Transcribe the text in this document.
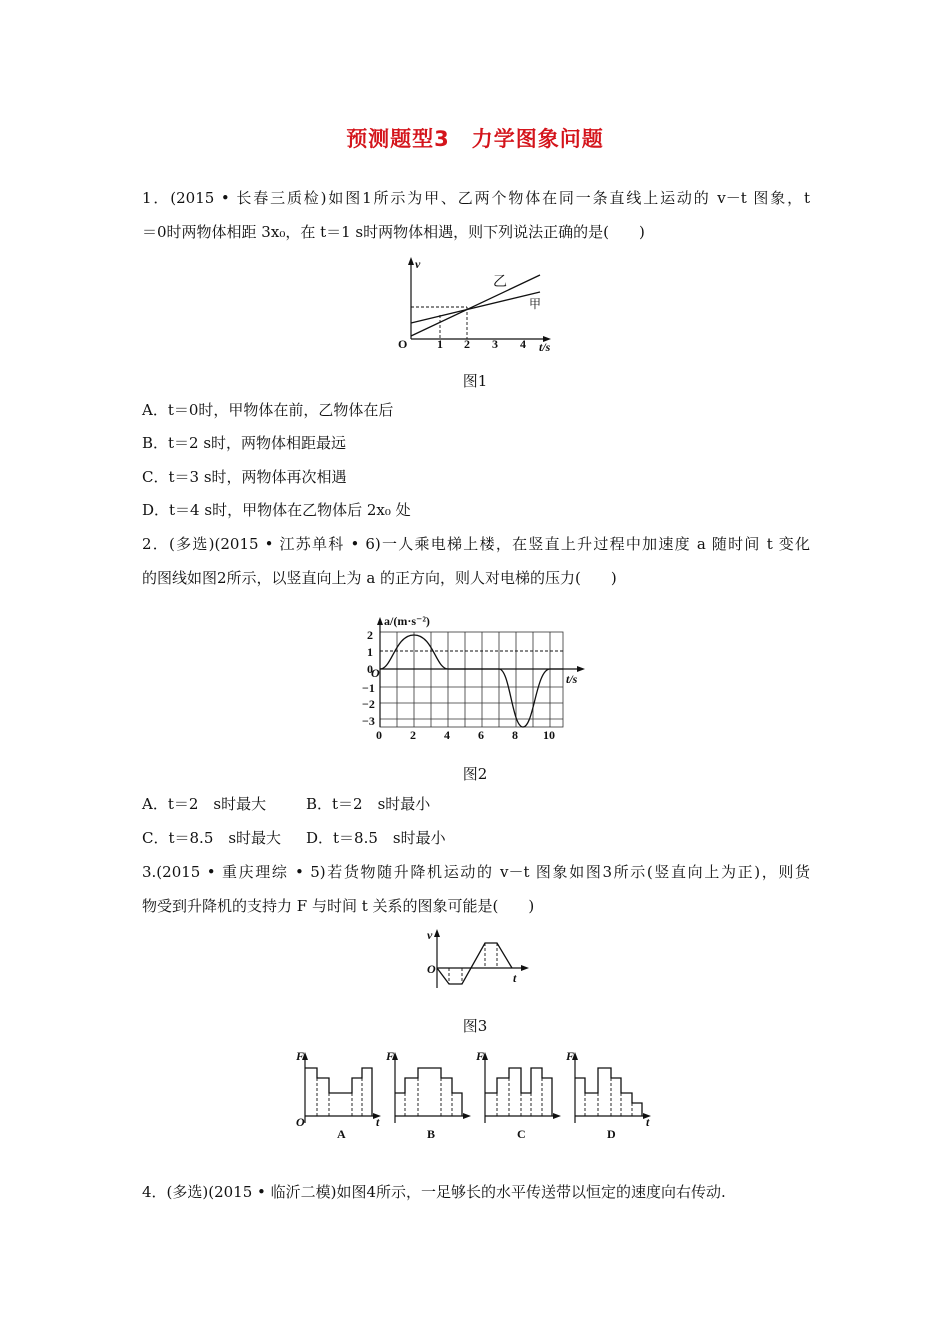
预测题型3　力学图象问题
1．(2015 • 长春三质检)如图1所示为甲、乙两个物体在同一条直线上运动的 v－t 图象，t
＝0时两物体相距 3x₀，在 t＝1 s时两物体相遇，则下列说法正确的是(　　)
v
t/s
O 1 2 3 4
乙
甲
图1
A．t＝0时，甲物体在前，乙物体在后
B．t＝2 s时，两物体相距最远
C．t＝3 s时，两物体再次相遇
D．t＝4 s时，甲物体在乙物体后 2x₀ 处
2．(多选)(2015 • 江苏单科 • 6)一人乘电梯上楼，在竖直上升过程中加速度 a 随时间 t 变化
的图线如图2所示，以竖直向上为 a 的正方向，则人对电梯的压力(　　)
a/(m·s⁻²)
t/s
2
1
0
−1
−2
−3
O
0 2 4 6 8 10
图2
A．t＝2　s时最大	B．t＝2　s时最小
C．t＝8.5　s时最大 D．t＝8.5　s时最小
3.(2015 • 重庆理综 • 5)若货物随升降机运动的 v－t 图象如图3所示(竖直向上为正)，则货
物受到升降机的支持力 F 与时间 t 关系的图象可能是(　　)
v
t
O
图3
F
t
O
A
F
B
F
C
F
t
D
4．(多选)(2015 • 临沂二模)如图4所示，一足够长的水平传送带以恒定的速度向右传动.
